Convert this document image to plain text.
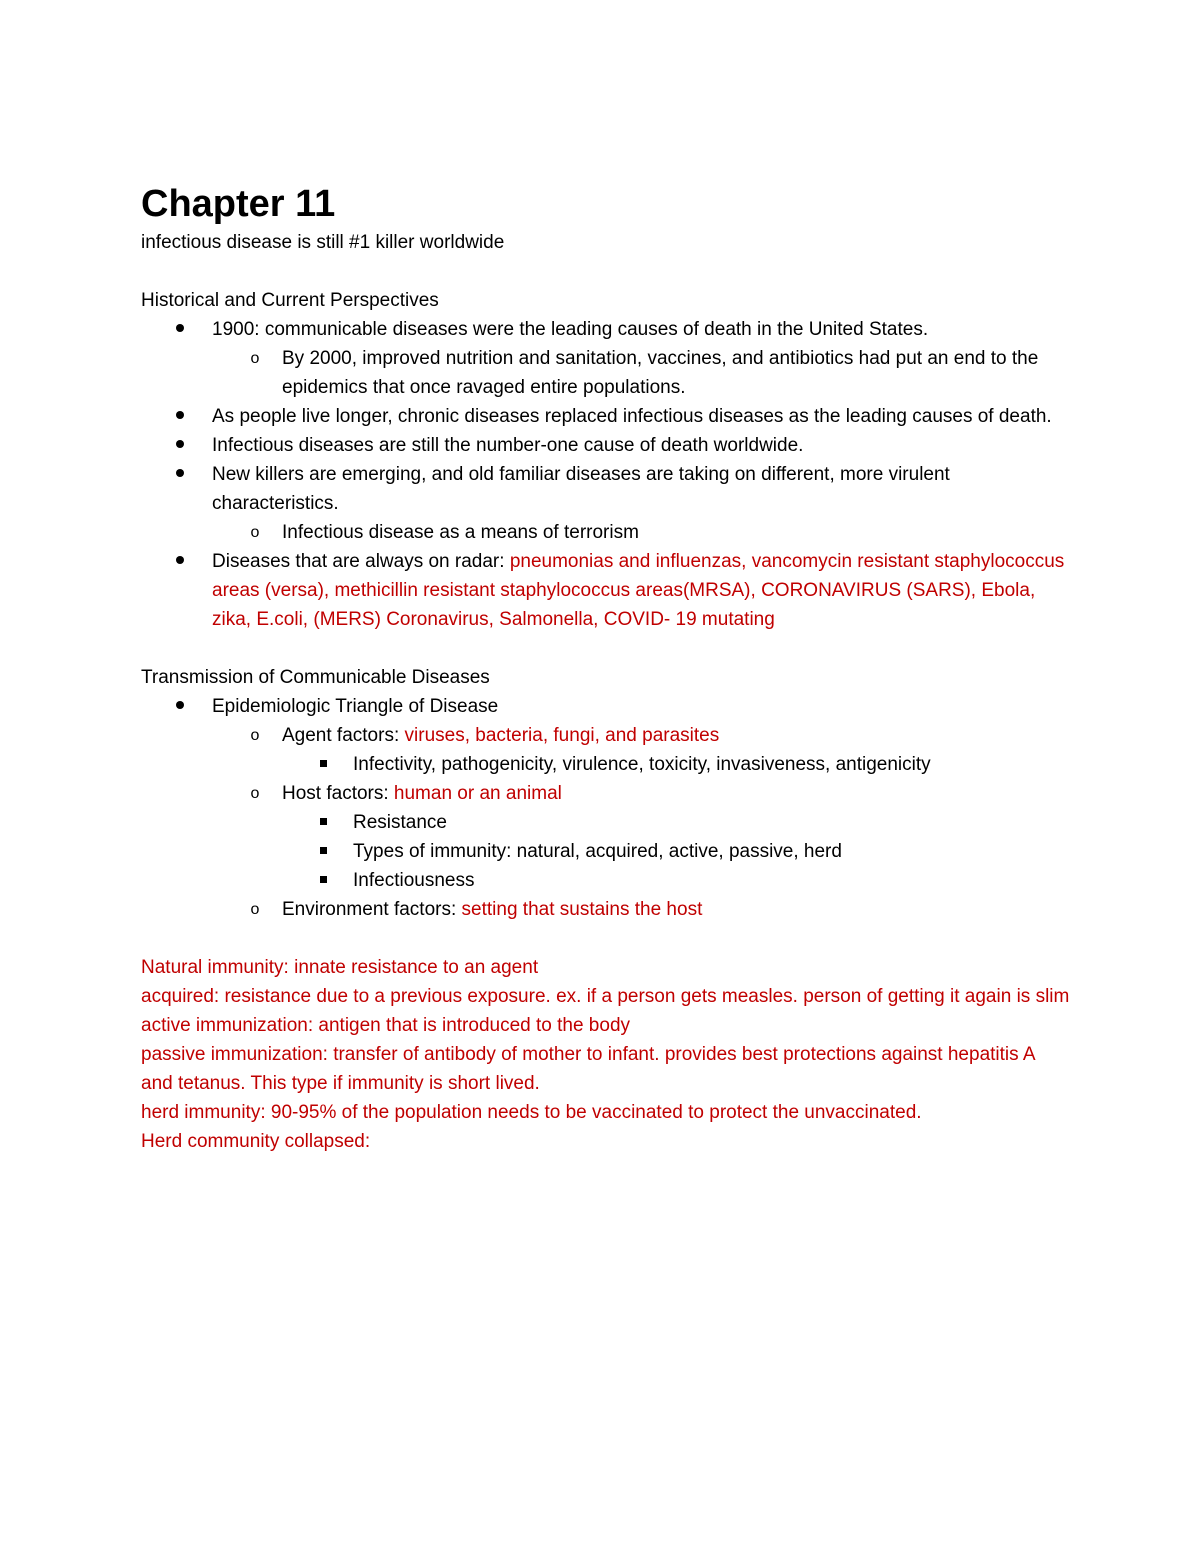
Chapter 11

infectious disease is still #1 killer worldwide

Historical and Current Perspectives

1900: communicable diseases were the leading causes of death in the United States.
o By 2000, improved nutrition and sanitation, vaccines, and antibiotics had put an end to the epidemics that once ravaged entire populations.
As people live longer, chronic diseases replaced infectious diseases as the leading causes of death.
Infectious diseases are still the number-one cause of death worldwide.
New killers are emerging, and old familiar diseases are taking on different, more virulent characteristics.
o Infectious disease as a means of terrorism
Diseases that are always on radar: pneumonias and influenzas, vancomycin resistant staphylococcus areas (versa), methicillin resistant staphylococcus areas(MRSA), CORONAVIRUS (SARS), Ebola, zika, E.coli, (MERS) Coronavirus, Salmonella, COVID- 19 mutating

Transmission of Communicable Diseases

Epidemiologic Triangle of Disease
o Agent factors: viruses, bacteria, fungi, and parasites
Infectivity, pathogenicity, virulence, toxicity, invasiveness, antigenicity
o Host factors: human or an animal
Resistance
Types of immunity: natural, acquired, active, passive, herd
Infectiousness
o Environment factors: setting that sustains the host

Natural immunity: innate resistance to an agent

acquired: resistance due to a previous exposure. ex. if a person gets measles. person of getting it again is slim

active immunization: antigen that is introduced to the body

passive immunization: transfer of antibody of mother to infant. provides best protections against hepatitis A and tetanus. This type if immunity is short lived.

herd immunity: 90-95% of the population needs to be vaccinated to protect the unvaccinated.

Herd community collapsed:
